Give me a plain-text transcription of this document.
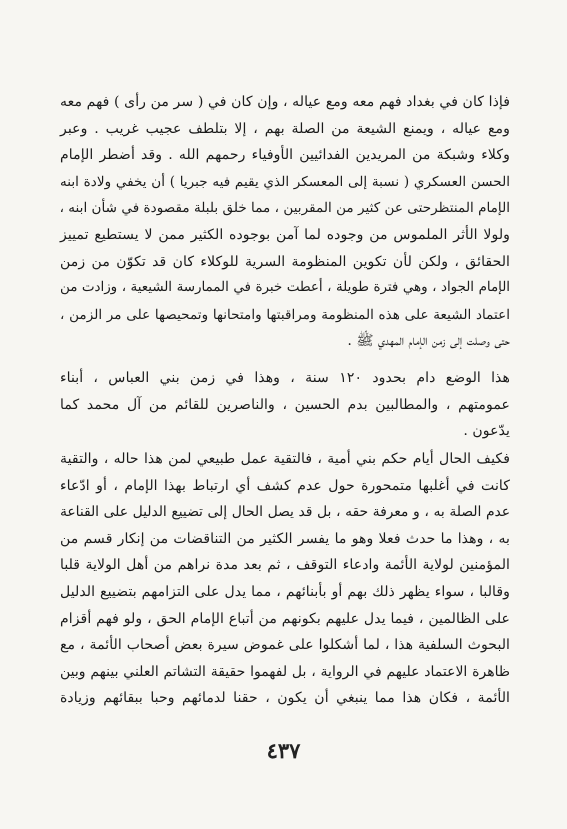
فإذا كان في بغداد فهم معه ومع عياله ، وإن كان في ( سر من رأى ) فهم معه
ومع عياله ، ويمنع الشيعة من الصلة بهم ، إلا بتلطف عجيب غريب . وعبر
وكلاء وشبكة من المريدين الفدائيين الأوفياء رحمهم الله . وقد أضطر الإمام
الحسن العسكري ( نسبة إلى المعسكر الذي يقيم فيه جبريا ) أن يخفي ولادة ابنه
الإمام المنتظرحتى عن كثير من المقربين ، مما خلق بلبلة مقصودة في شأن ابنه ،
ولولا الأثر الملموس من وجوده لما آمن بوجوده الكثير ممن لا يستطيع تمييز
الحقائق ، ولكن لأن تكوين المنظومة السرية للوكلاء كان قد تكوّن من زمن
الإمام الجواد ، وهي فترة طويلة ، أعطت خبرة في الممارسة الشيعية ، وزادت من
اعتماد الشيعة على هذه المنظومة ومراقبتها وامتحانها وتمحيصها على مر الزمن ،
حتى وصلت إلى زمن الإمام المهدي ﷺ .
هذا الوضع دام بحدود ١٢٠ سنة ، وهذا في زمن بني العباس ، أبناء
عمومتهم ، والمطالبين بدم الحسين ، والناصرين للقائم من آل محمد كما
يدّعون .
فكيف الحال أيام حكم بني أمية ، فالتقية عمل طبيعي لمن هذا حاله ، والتقية
كانت في أغلبها متمحورة حول عدم كشف أي ارتباط بهذا الإمام ، أو ادّعاء
عدم الصلة به ، و معرفة حقه ، بل قد يصل الحال إلى تضييع الدليل على القناعة
به ، وهذا ما حدث فعلا وهو ما يفسر الكثير من التناقضات من إنكار قسم من
المؤمنين لولاية الأئمة وادعاء التوقف ، ثم بعد مدة نراهم من أهل الولاية قلبا
وقالبا ، سواء يظهر ذلك بهم أو بأبنائهم ، مما يدل على التزامهم بتضييع الدليل
على الظالمين ، فيما يدل عليهم بكونهم من أتباع الإمام الحق ، ولو فهم أقزام
البحوث السلفية هذا ، لما أشكلوا على غموض سيرة بعض أصحاب الأئمة ، مع
ظاهرة الاعتماد عليهم في الرواية ، بل لفهموا حقيقة التشاتم العلني بينهم وبين
الأئمة ، فكان هذا مما ينبغي أن يكون ، حقنا لدمائهم وحبا ببقائهم وزيادة
٤٣٧
